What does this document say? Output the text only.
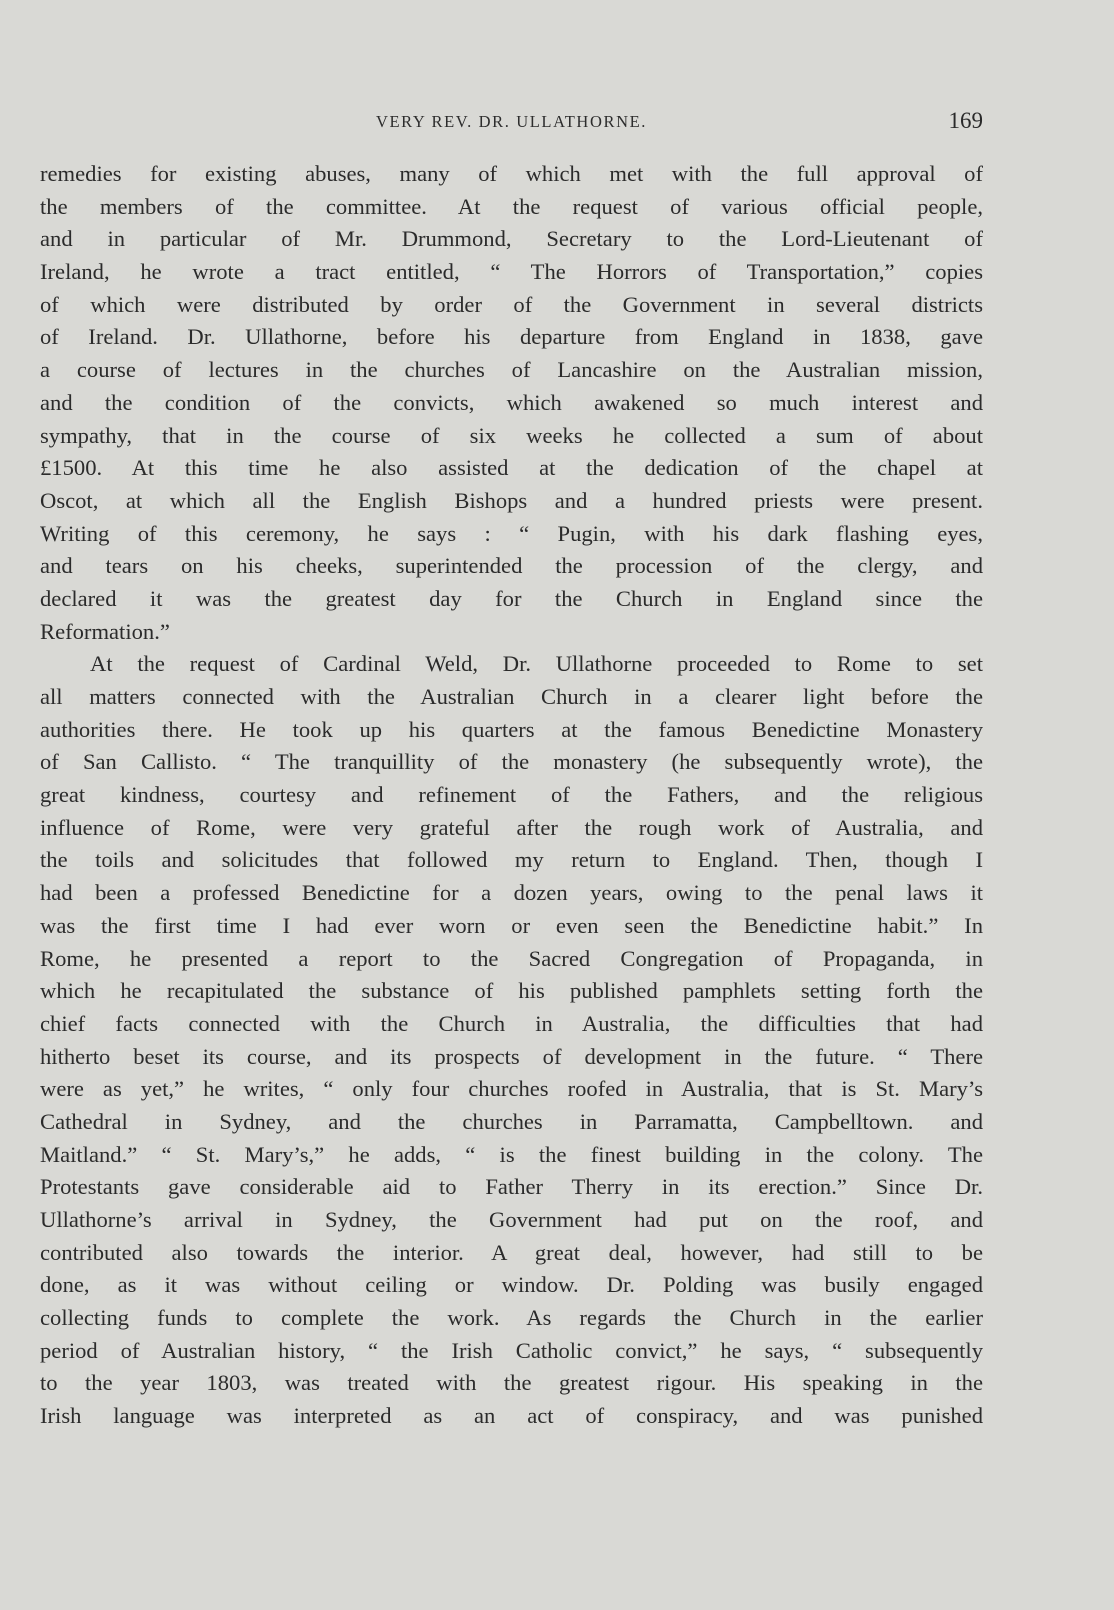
VERY REV. DR. ULLATHORNE.	169
remedies for existing abuses, many of which met with the full approval of
the members of the committee. At the request of various official people,
and in particular of Mr. Drummond, Secretary to the Lord-Lieutenant of
Ireland, he wrote a tract entitled, “ The Horrors of Transportation,” copies
of which were distributed by order of the Government in several districts
of Ireland. Dr. Ullathorne, before his departure from England in 1838, gave
a course of lectures in the churches of Lancashire on the Australian mission,
and the condition of the convicts, which awakened so much interest and
sympathy, that in the course of six weeks he collected a sum of about
£1500. At this time he also assisted at the dedication of the chapel at
Oscot, at which all the English Bishops and a hundred priests were present.
Writing of this ceremony, he says : “ Pugin, with his dark flashing eyes,
and tears on his cheeks, superintended the procession of the clergy, and
declared it was the greatest day for the Church in England since the
Reformation.”
At the request of Cardinal Weld, Dr. Ullathorne proceeded to Rome to set
all matters connected with the Australian Church in a clearer light before the
authorities there. He took up his quarters at the famous Benedictine Monastery
of San Callisto. “ The tranquillity of the monastery (he subsequently wrote), the
great kindness, courtesy and refinement of the Fathers, and the religious
influence of Rome, were very grateful after the rough work of Australia, and
the toils and solicitudes that followed my return to England. Then, though I
had been a professed Benedictine for a dozen years, owing to the penal laws it
was the first time I had ever worn or even seen the Benedictine habit.” In
Rome, he presented a report to the Sacred Congregation of Propaganda, in
which he recapitulated the substance of his published pamphlets setting forth the
chief facts connected with the Church in Australia, the difficulties that had
hitherto beset its course, and its prospects of development in the future. “ There
were as yet,” he writes, “ only four churches roofed in Australia, that is St. Mary’s
Cathedral in Sydney, and the churches in Parramatta, Campbelltown. and
Maitland.” “ St. Mary’s,” he adds, “ is the finest building in the colony. The
Protestants gave considerable aid to Father Therry in its erection.” Since Dr.
Ullathorne’s arrival in Sydney, the Government had put on the roof, and
contributed also towards the interior. A great deal, however, had still to be
done, as it was without ceiling or window. Dr. Polding was busily engaged
collecting funds to complete the work. As regards the Church in the earlier
period of Australian history, “ the Irish Catholic convict,” he says, “ subsequently
to the year 1803, was treated with the greatest rigour. His speaking in the
Irish language was interpreted as an act of conspiracy, and was punished
